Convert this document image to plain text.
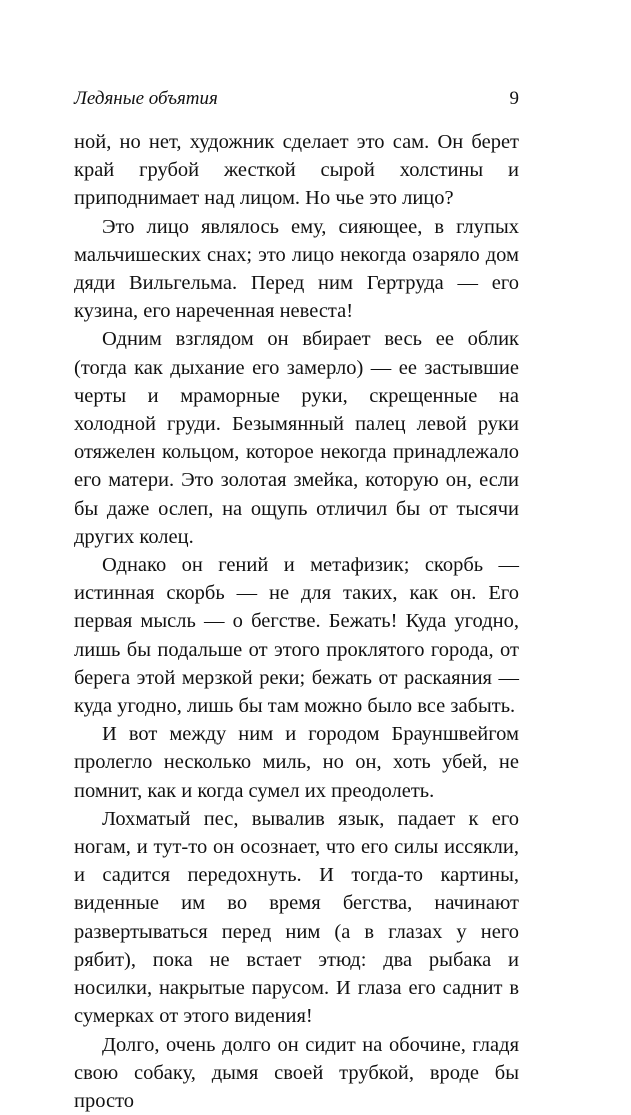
Ледяные объятия	9

ной, но нет, художник сделает это сам. Он берет край грубой жесткой сырой холстины и приподнимает над лицом. Но чье это лицо?

Это лицо являлось ему, сияющее, в глупых мальчишеских снах; это лицо некогда озаряло дом дяди Вильгельма. Перед ним Гертруда — его кузина, его нареченная невеста!

Одним взглядом он вбирает весь ее облик (тогда как дыхание его замерло) — ее застывшие черты и мраморные руки, скрещенные на холодной груди. Безымянный палец левой руки отяжелен кольцом, которое некогда принадлежало его матери. Это золотая змейка, которую он, если бы даже ослеп, на ощупь отличил бы от тысячи других колец.

Однако он гений и метафизик; скорбь — истинная скорбь — не для таких, как он. Его первая мысль — о бегстве. Бежать! Куда угодно, лишь бы подальше от этого проклятого города, от берега этой мерзкой реки; бежать от раскаяния — куда угодно, лишь бы там можно было все забыть.

И вот между ним и городом Брауншвейгом пролегло несколько миль, но он, хоть убей, не помнит, как и когда сумел их преодолеть.

Лохматый пес, вывалив язык, падает к его ногам, и тут-то он осознает, что его силы иссякли, и садится передохнуть. И тогда-то картины, виденные им во время бегства, начинают развертываться перед ним (а в глазах у него рябит), пока не встает этюд: два рыбака и носилки, накрытые парусом. И глаза его саднит в сумерках от этого видения!

Долго, очень долго он сидит на обочине, гладя свою собаку, дымя своей трубкой, вроде бы просто
